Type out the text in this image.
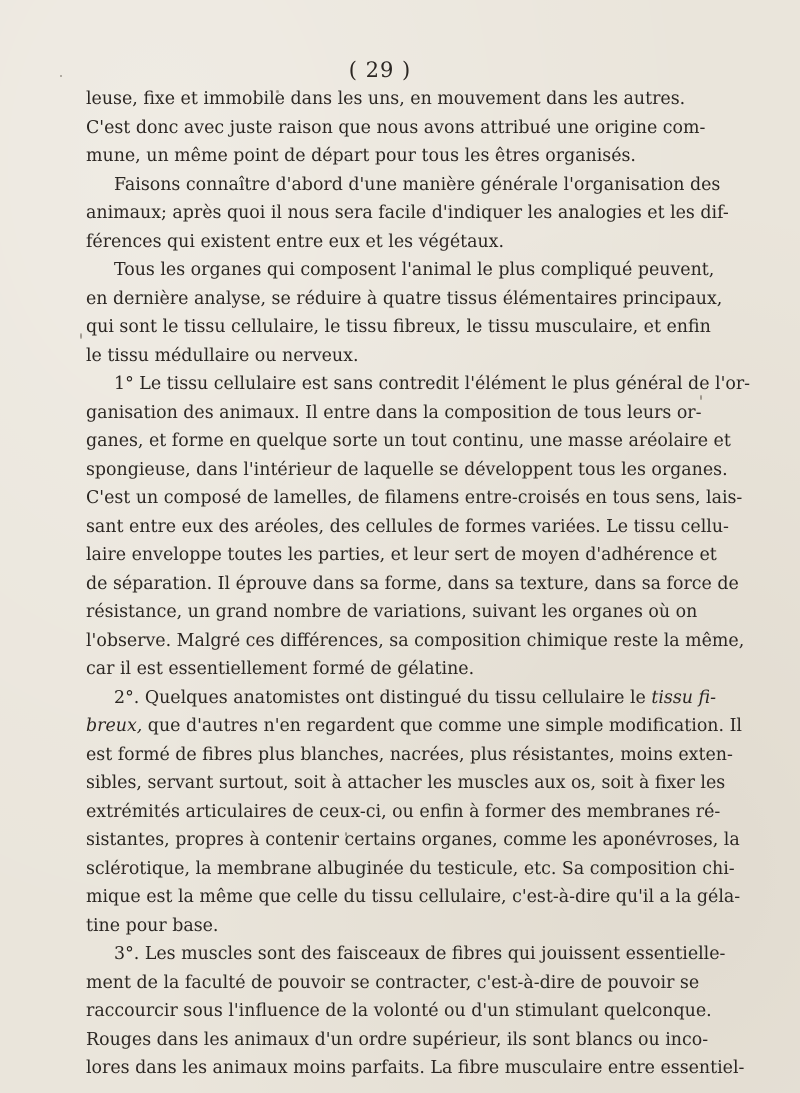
( 29 )
leuse, fixe et immobile dans les uns, en mouvement dans les autres.
C'est donc avec juste raison que nous avons attribué une origine com-
mune, un même point de départ pour tous les êtres organisés.
Faisons connaître d'abord d'une manière générale l'organisation des
animaux; après quoi il nous sera facile d'indiquer les analogies et les dif-
férences qui existent entre eux et les végétaux.
Tous les organes qui composent l'animal le plus compliqué peuvent,
en dernière analyse, se réduire à quatre tissus élémentaires principaux,
qui sont le tissu cellulaire, le tissu fibreux, le tissu musculaire, et enfin
le tissu médullaire ou nerveux.
1° Le tissu cellulaire est sans contredit l'élément le plus général de l'or-
ganisation des animaux. Il entre dans la composition de tous leurs or-
ganes, et forme en quelque sorte un tout continu, une masse aréolaire et
spongieuse, dans l'intérieur de laquelle se développent tous les organes.
C'est un composé de lamelles, de filamens entre-croisés en tous sens, lais-
sant entre eux des aréoles, des cellules de formes variées. Le tissu cellu-
laire enveloppe toutes les parties, et leur sert de moyen d'adhérence et
de séparation. Il éprouve dans sa forme, dans sa texture, dans sa force de
résistance, un grand nombre de variations, suivant les organes où on
l'observe. Malgré ces différences, sa composition chimique reste la même,
car il est essentiellement formé de gélatine.
2°. Quelques anatomistes ont distingué du tissu cellulaire le tissu fi-
breux, que d'autres n'en regardent que comme une simple modification. Il
est formé de fibres plus blanches, nacrées, plus résistantes, moins exten-
sibles, servant surtout, soit à attacher les muscles aux os, soit à fixer les
extrémités articulaires de ceux-ci, ou enfin à former des membranes ré-
sistantes, propres à contenir certains organes, comme les aponévroses, la
sclérotique, la membrane albuginée du testicule, etc. Sa composition chi-
mique est la même que celle du tissu cellulaire, c'est-à-dire qu'il a la géla-
tine pour base.
3°. Les muscles sont des faisceaux de fibres qui jouissent essentielle-
ment de la faculté de pouvoir se contracter, c'est-à-dire de pouvoir se
raccourcir sous l'influence de la volonté ou d'un stimulant quelconque.
Rouges dans les animaux d'un ordre supérieur, ils sont blancs ou inco-
lores dans les animaux moins parfaits. La fibre musculaire entre essentiel-
